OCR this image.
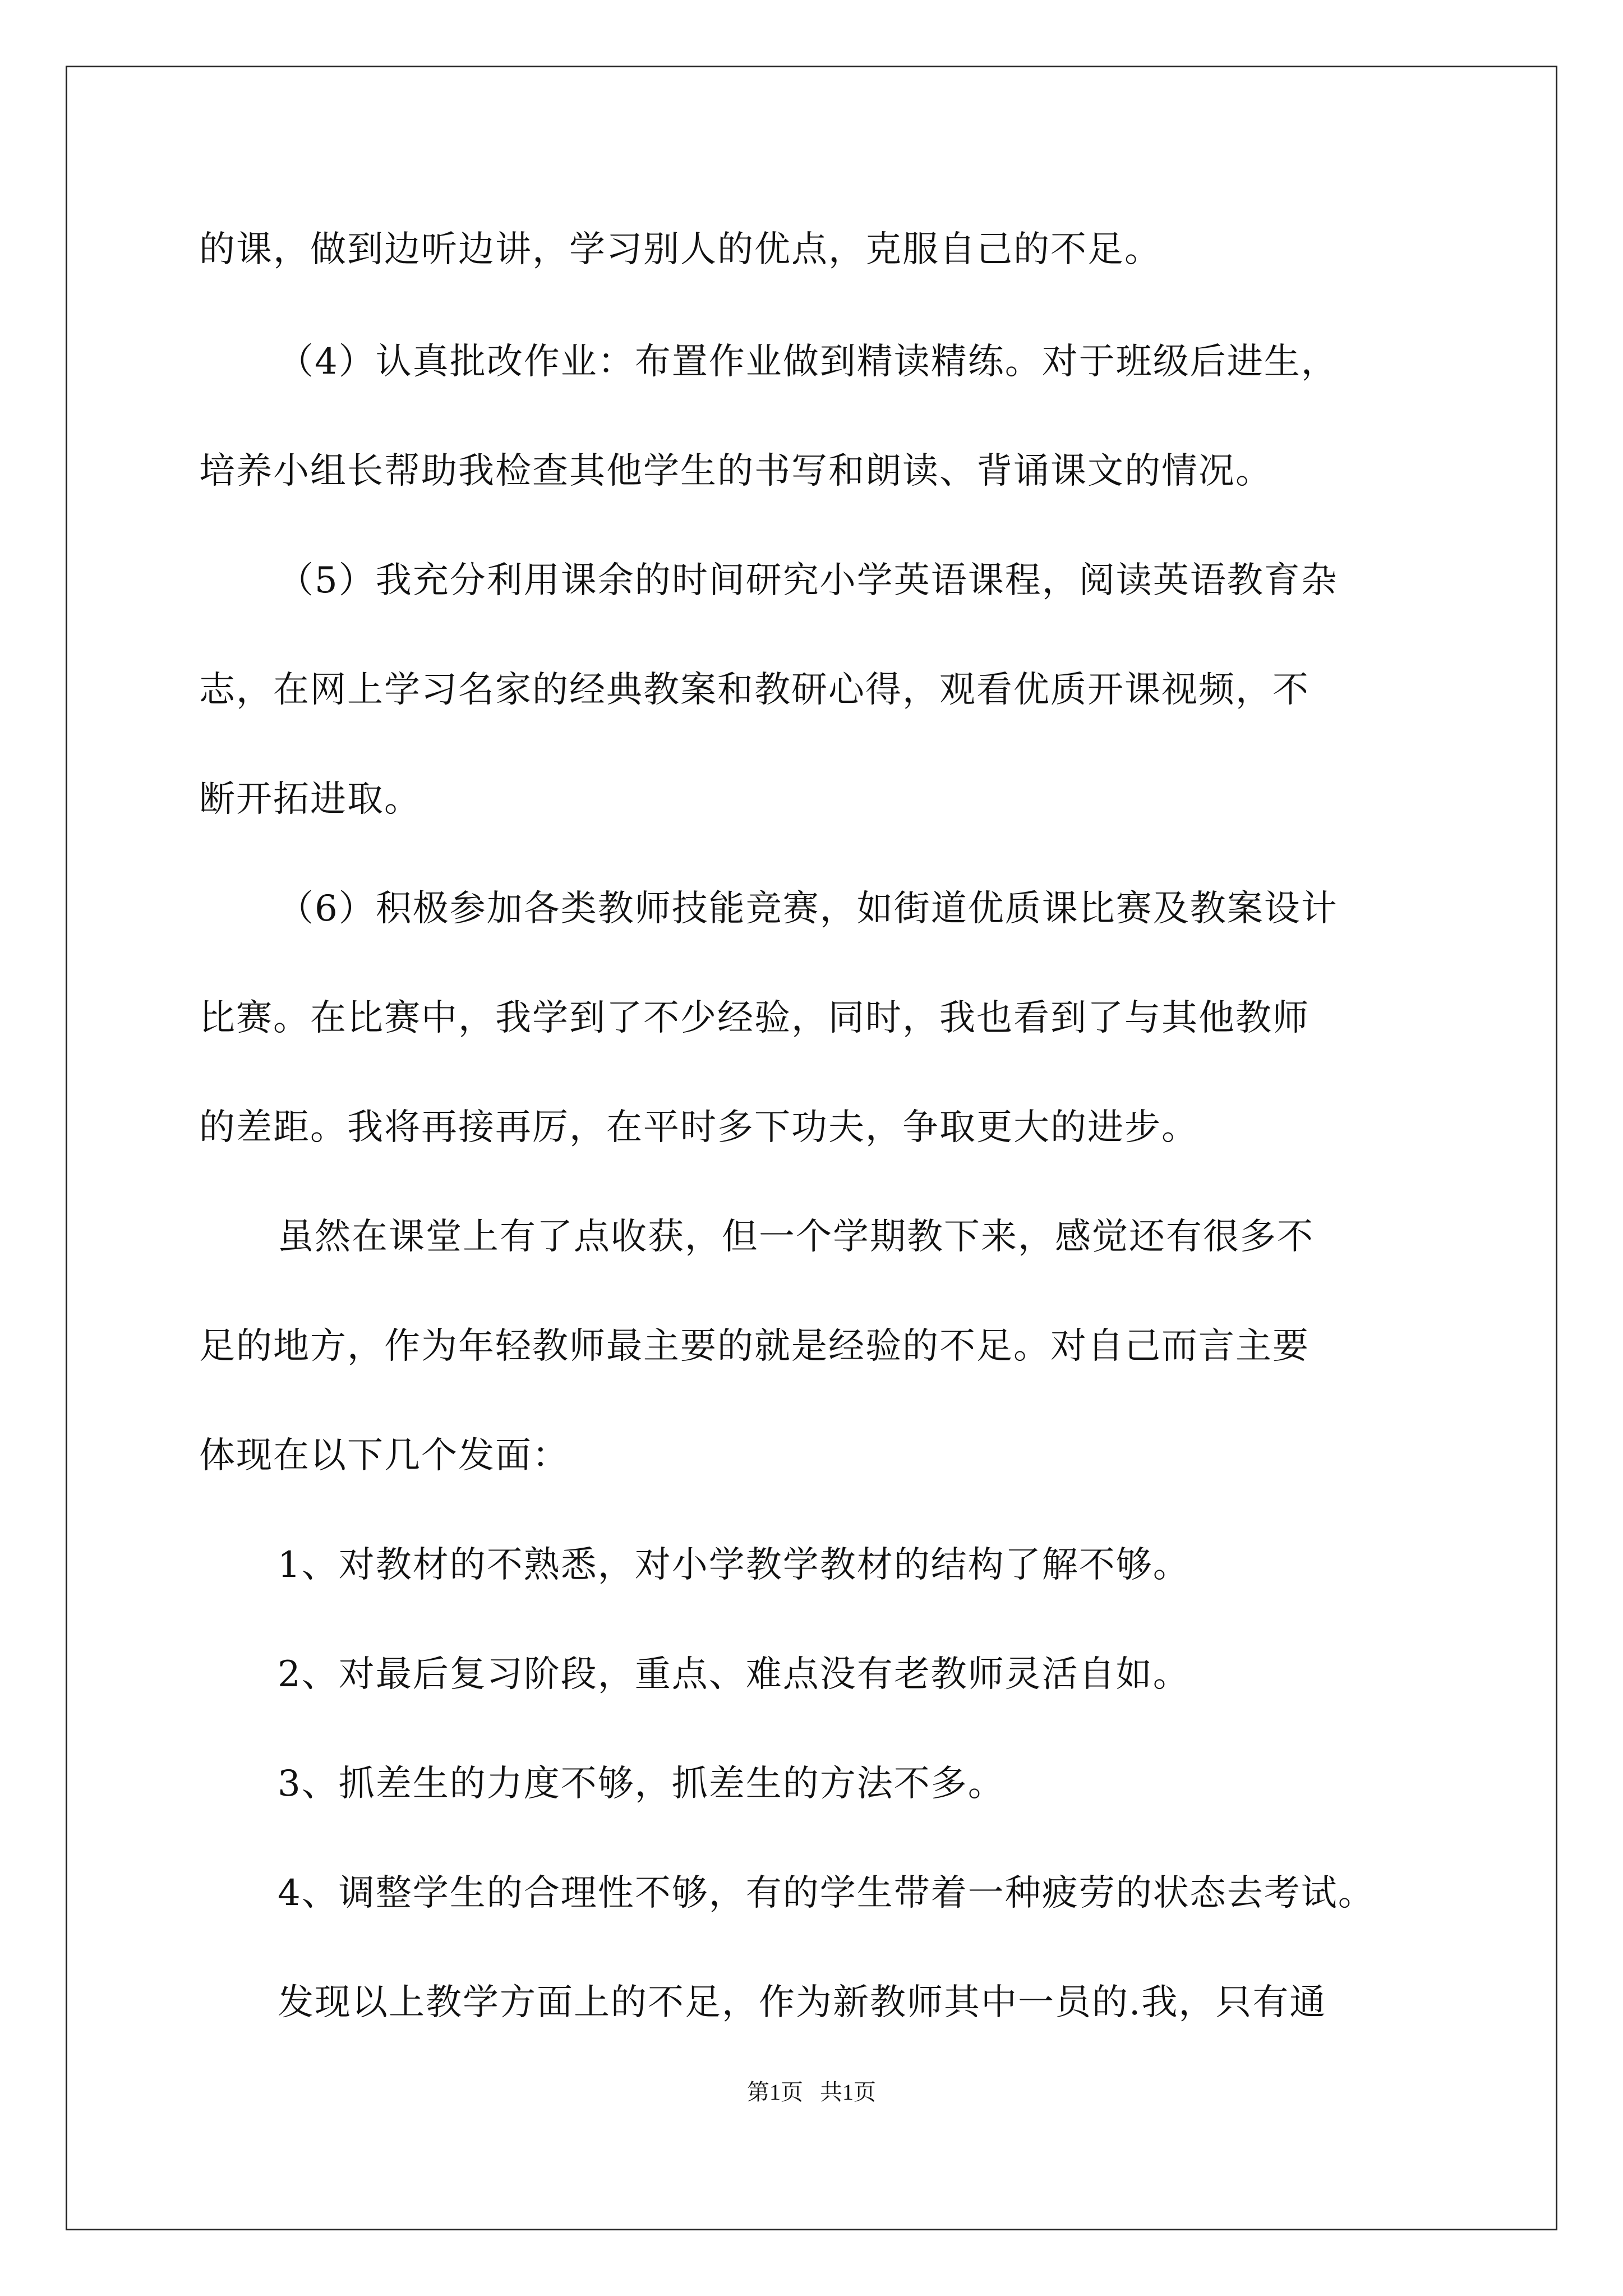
的课，做到边听边讲，学习别人的优点，克服自己的不足。
（4）认真批改作业：布置作业做到精读精练。对于班级后进生，
培养小组长帮助我检查其他学生的书写和朗读、背诵课文的情况。
（5）我充分利用课余的时间研究小学英语课程，阅读英语教育杂
志，在网上学习名家的经典教案和教研心得，观看优质开课视频，不
断开拓进取。
（6）积极参加各类教师技能竞赛，如街道优质课比赛及教案设计
比赛。在比赛中，我学到了不少经验，同时，我也看到了与其他教师
的差距。我将再接再厉，在平时多下功夫，争取更大的进步。
虽然在课堂上有了点收获，但一个学期教下来，感觉还有很多不
足的地方，作为年轻教师最主要的就是经验的不足。对自己而言主要
体现在以下几个发面：
1、对教材的不熟悉，对小学教学教材的结构了解不够。
2、对最后复习阶段，重点、难点没有老教师灵活自如。
3、抓差生的力度不够，抓差生的方法不多。
4、调整学生的合理性不够，有的学生带着一种疲劳的状态去考试。
发现以上教学方面上的不足，作为新教师其中一员的.我，只有通
第1页   共1页
